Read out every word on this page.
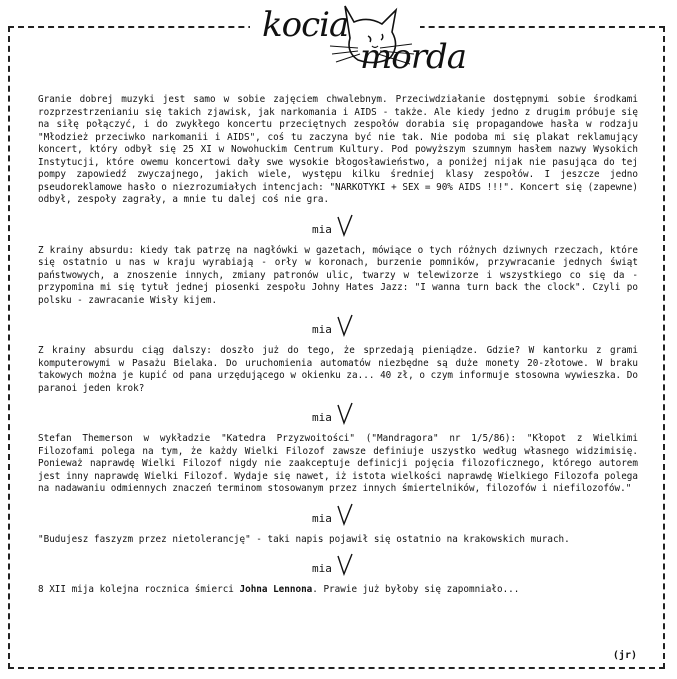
kocia
morda

Granie dobrej muzyki jest samo w sobie zajęciem chwalebnym. Przeciwdziałanie dostępnymi sobie środkami rozprzestrzenianiu się takich zjawisk, jak narkomania i AIDS - także. Ale kiedy jedno z drugim próbuje się na siłę połączyć, i do zwykłego koncertu przeciętnych zespołów dorabia się propagandowe hasła w rodzaju "Młodzież przeciwko narkomanii i AIDS", coś tu zaczyna być nie tak. Nie podoba mi się plakat reklamujący koncert, który odbył się 25 XI w Nowohuckim Centrum Kultury. Pod powyższym szumnym hasłem nazwy Wysokich Instytucji, które owemu koncertowi dały swe wysokie błogosławieństwo, a poniżej nijak nie pasująca do tej pompy zapowiedź zwyczajnego, jakich wiele, występu kilku średniej klasy zespołów. I jeszcze jedno pseudoreklamowe hasło o niezrozumiałych intencjach: "NARKOTYKI + SEX = 90% AIDS !!!". Koncert się (zapewne) odbył, zespoły zagrały, a mnie tu dalej coś nie gra.

mia

Z krainy absurdu: kiedy tak patrzę na nagłówki w gazetach, mówiące o tych różnych dziwnych rzeczach, które się ostatnio u nas w kraju wyrabiają - orły w koronach, burzenie pomników, przywracanie jednych świąt państwowych, a znoszenie innych, zmiany patronów ulic, twarzy w telewizorze i wszystkiego co się da - przypomina mi się tytuł jednej piosenki zespołu Johny Hates Jazz: "I wanna turn back the clock". Czyli po polsku - zawracanie Wisły kijem.

mia

Z krainy absurdu ciąg dalszy: doszło już do tego, że sprzedają pieniądze. Gdzie? W kantorku z grami komputerowymi w Pasażu Bielaka. Do uruchomienia automatów niezbędne są duże monety 20-złotowe. W braku takowych można je kupić od pana urzędującego w okienku za... 40 zł, o czym informuje stosowna wywieszka. Do paranoi jeden krok?

mia

Stefan Themerson w wykładzie "Katedra Przyzwoitości" ("Mandragora" nr 1/5/86): "Kłopot z Wielkimi Filozofami polega na tym, że każdy Wielki Filozof zawsze definiuje uszystko według własnego widzimisię. Ponieważ naprawdę Wielki Filozof nigdy nie zaakceptuje definicji pojęcia filozoficznego, którego autorem jest inny naprawdę Wielki Filozof. Wydaje się nawet, iż istota wielkości naprawdę Wielkiego Filozofa polega na nadawaniu odmiennych znaczeń terminom stosowanym przez innych śmiertelników, filozofów i niefilozofów."

mia

"Budujesz faszyzm przez nietolerancję" - taki napis pojawił się ostatnio na krakowskich murach.

mia

8 XII mija kolejna rocznica śmierci Johna Lennona. Prawie już byłoby się zapomniało...

(jr)
